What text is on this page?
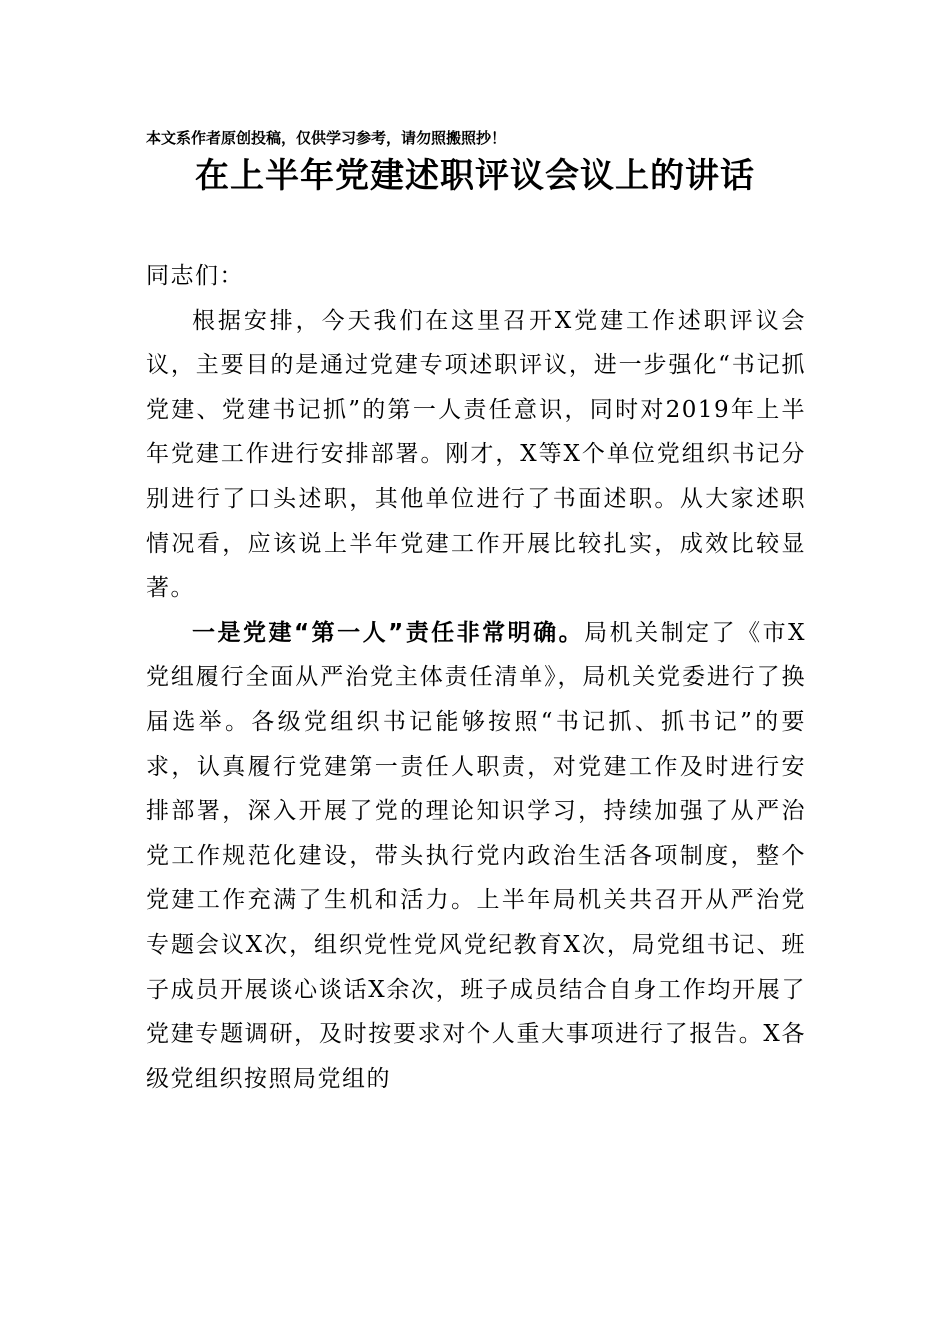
本文系作者原创投稿，仅供学习参考，请勿照搬照抄！
在上半年党建述职评议会议上的讲话

同志们：

根据安排，今天我们在这里召开X党建工作述职评议会议，主要目的是通过党建专项述职评议，进一步强化“书记抓党建、党建书记抓”的第一人责任意识，同时对2019年上半年党建工作进行安排部署。刚才，X等X个单位党组织书记分别进行了口头述职，其他单位进行了书面述职。从大家述职情况看，应该说上半年党建工作开展比较扎实，成效比较显著。

一是党建“第一人”责任非常明确。局机关制定了《市X党组履行全面从严治党主体责任清单》，局机关党委进行了换届选举。各级党组织书记能够按照“书记抓、抓书记”的要求，认真履行党建第一责任人职责，对党建工作及时进行安排部署，深入开展了党的理论知识学习，持续加强了从严治党工作规范化建设，带头执行党内政治生活各项制度，整个党建工作充满了生机和活力。上半年局机关共召开从严治党专题会议X次，组织党性党风党纪教育X次，局党组书记、班子成员开展谈心谈话X余次，班子成员结合自身工作均开展了党建专题调研，及时按要求对个人重大事项进行了报告。X各级党组织按照局党组的
